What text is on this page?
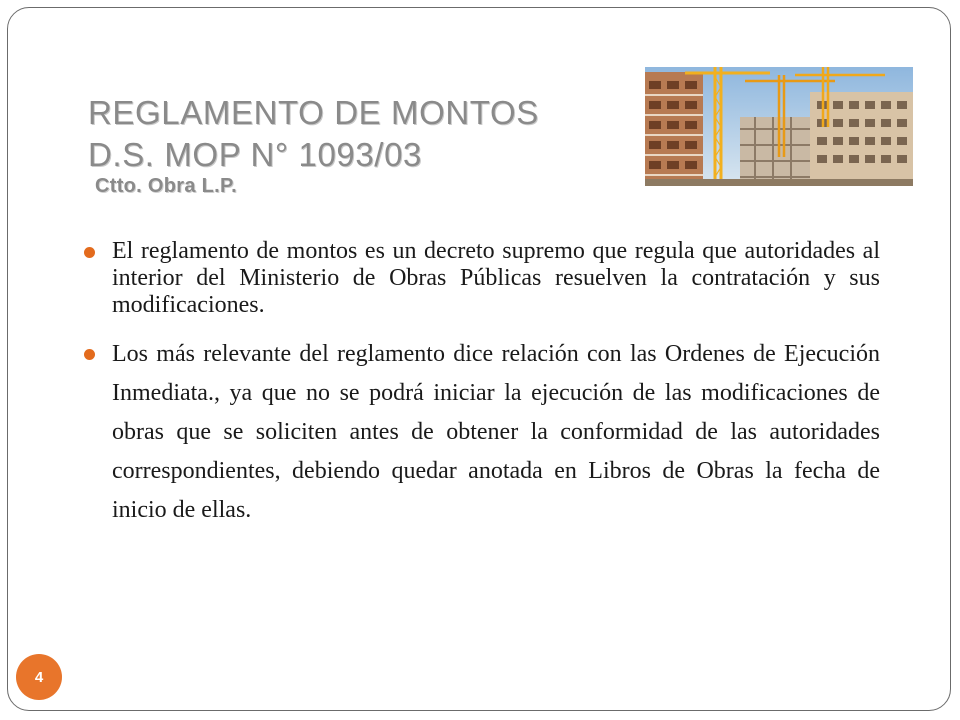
REGLAMENTO DE MONTOS
D.S. MOP N° 1093/03
Ctto. Obra L.P.
El reglamento de montos es un decreto supremo que regula que autoridades al interior del Ministerio de Obras Públicas resuelven la contratación y sus modificaciones.
Los más relevante del reglamento dice relación con las Ordenes de Ejecución Inmediata., ya que no se podrá iniciar la ejecución de las modificaciones de obras que se soliciten antes de obtener la conformidad de las autoridades correspondientes, debiendo quedar anotada en Libros de Obras la fecha de inicio de ellas.
4
